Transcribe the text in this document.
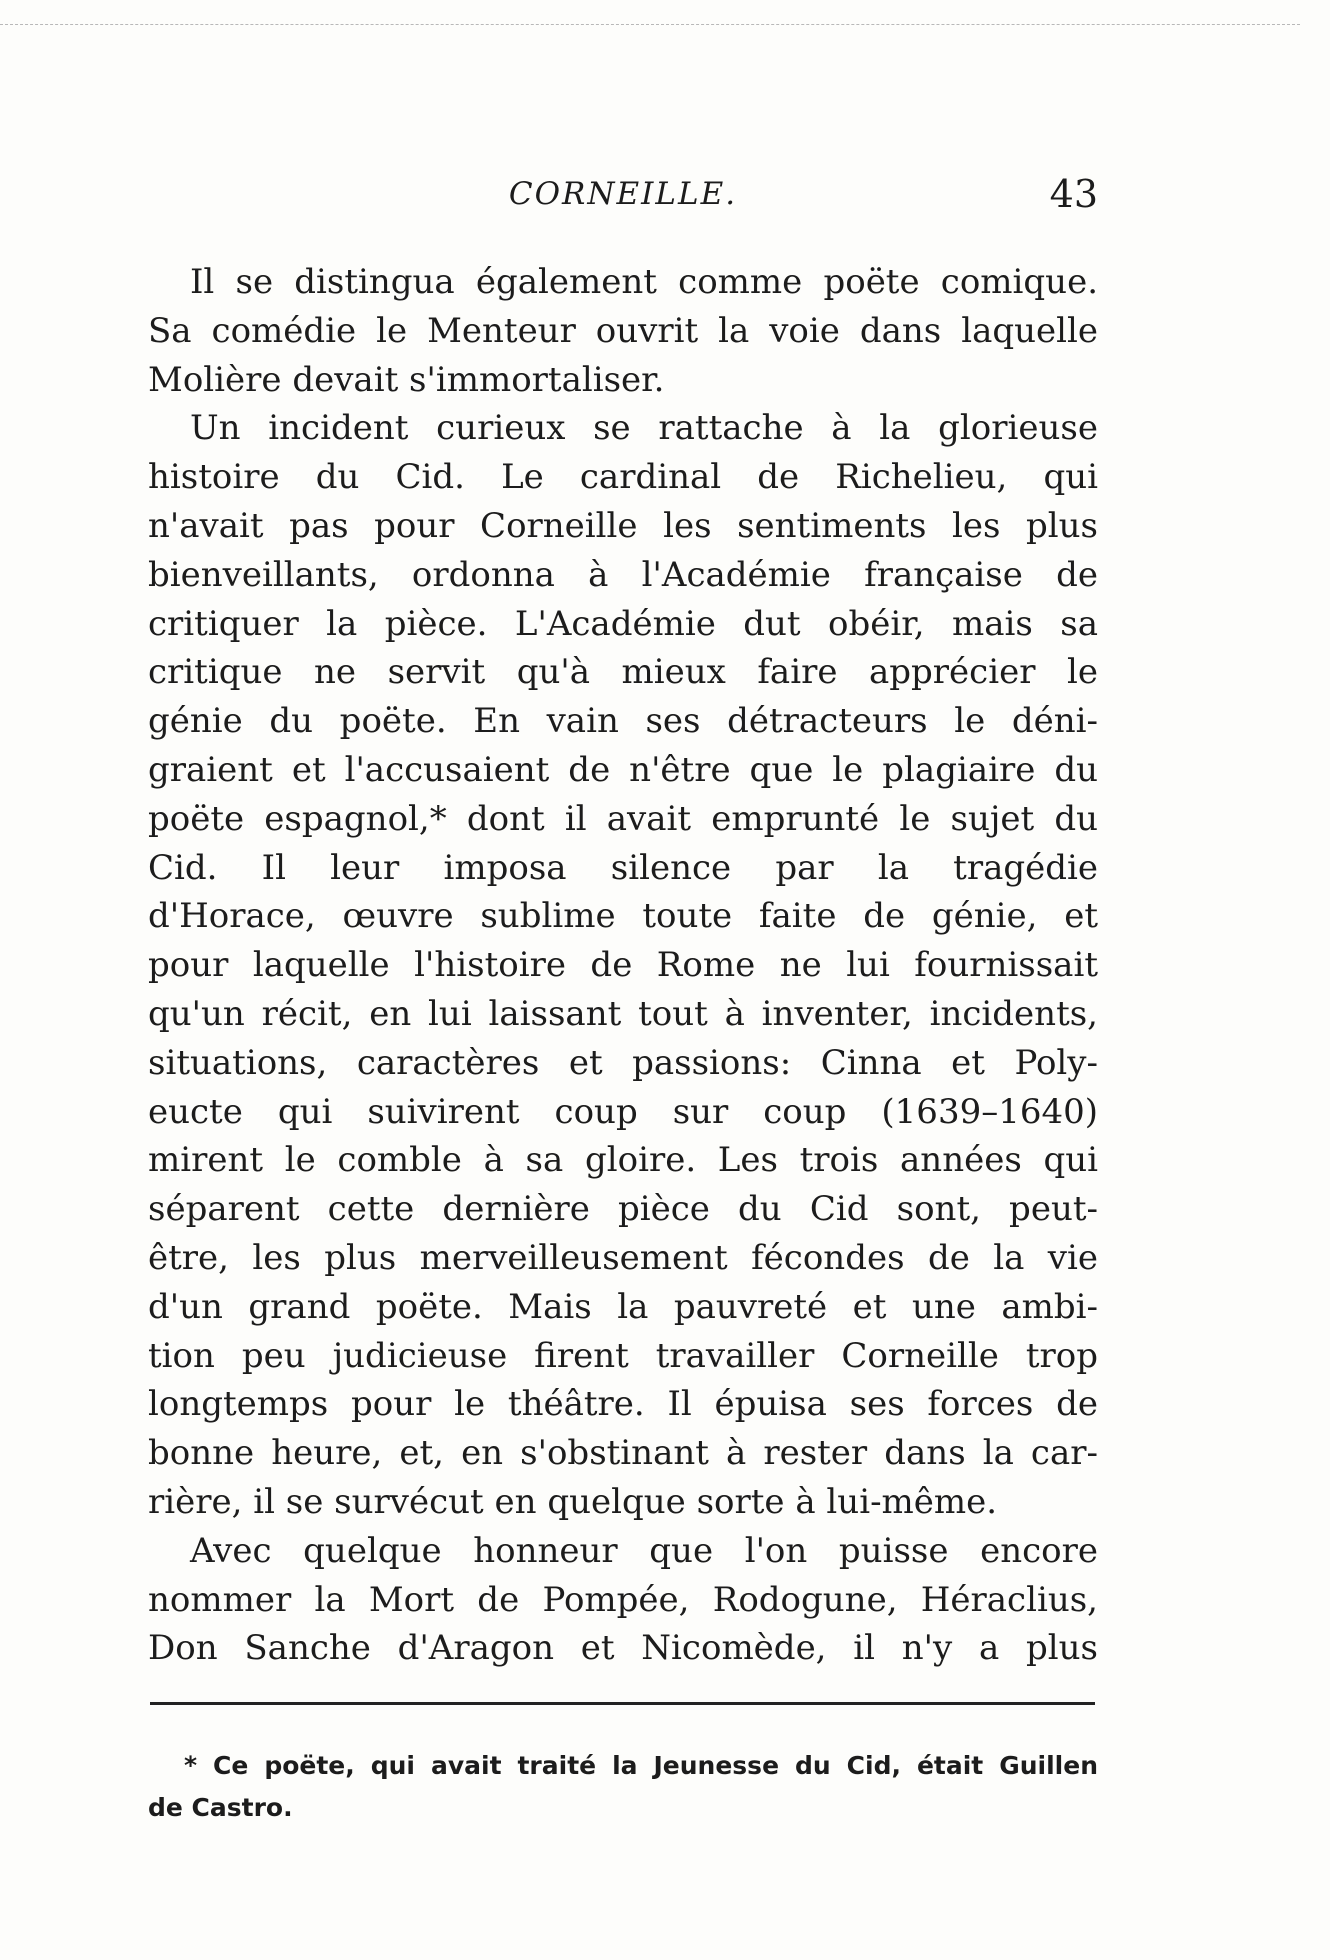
CORNEILLE.	43
Il se distingua également comme poëte comique.
Sa comédie le Menteur ouvrit la voie dans laquelle
Molière devait s'immortaliser.
Un incident curieux se rattache à la glorieuse
histoire du Cid. Le cardinal de Richelieu, qui
n'avait pas pour Corneille les sentiments les plus
bienveillants, ordonna à l'Académie française de
critiquer la pièce. L'Académie dut obéir, mais sa
critique ne servit qu'à mieux faire apprécier le
génie du poëte. En vain ses détracteurs le déni-
graient et l'accusaient de n'être que le plagiaire du
poëte espagnol,* dont il avait emprunté le sujet du
Cid. Il leur imposa silence par la tragédie
d'Horace, œuvre sublime toute faite de génie, et
pour laquelle l'histoire de Rome ne lui fournissait
qu'un récit, en lui laissant tout à inventer, incidents,
situations, caractères et passions: Cinna et Poly-
eucte qui suivirent coup sur coup (1639–1640)
mirent le comble à sa gloire. Les trois années qui
séparent cette dernière pièce du Cid sont, peut-
être, les plus merveilleusement fécondes de la vie
d'un grand poëte. Mais la pauvreté et une ambi-
tion peu judicieuse firent travailler Corneille trop
longtemps pour le théâtre. Il épuisa ses forces de
bonne heure, et, en s'obstinant à rester dans la car-
rière, il se survécut en quelque sorte à lui-même.
Avec quelque honneur que l'on puisse encore
nommer la Mort de Pompée, Rodogune, Héraclius,
Don Sanche d'Aragon et Nicomède, il n'y a plus
* Ce poëte, qui avait traité la Jeunesse du Cid, était Guillen
de Castro.
